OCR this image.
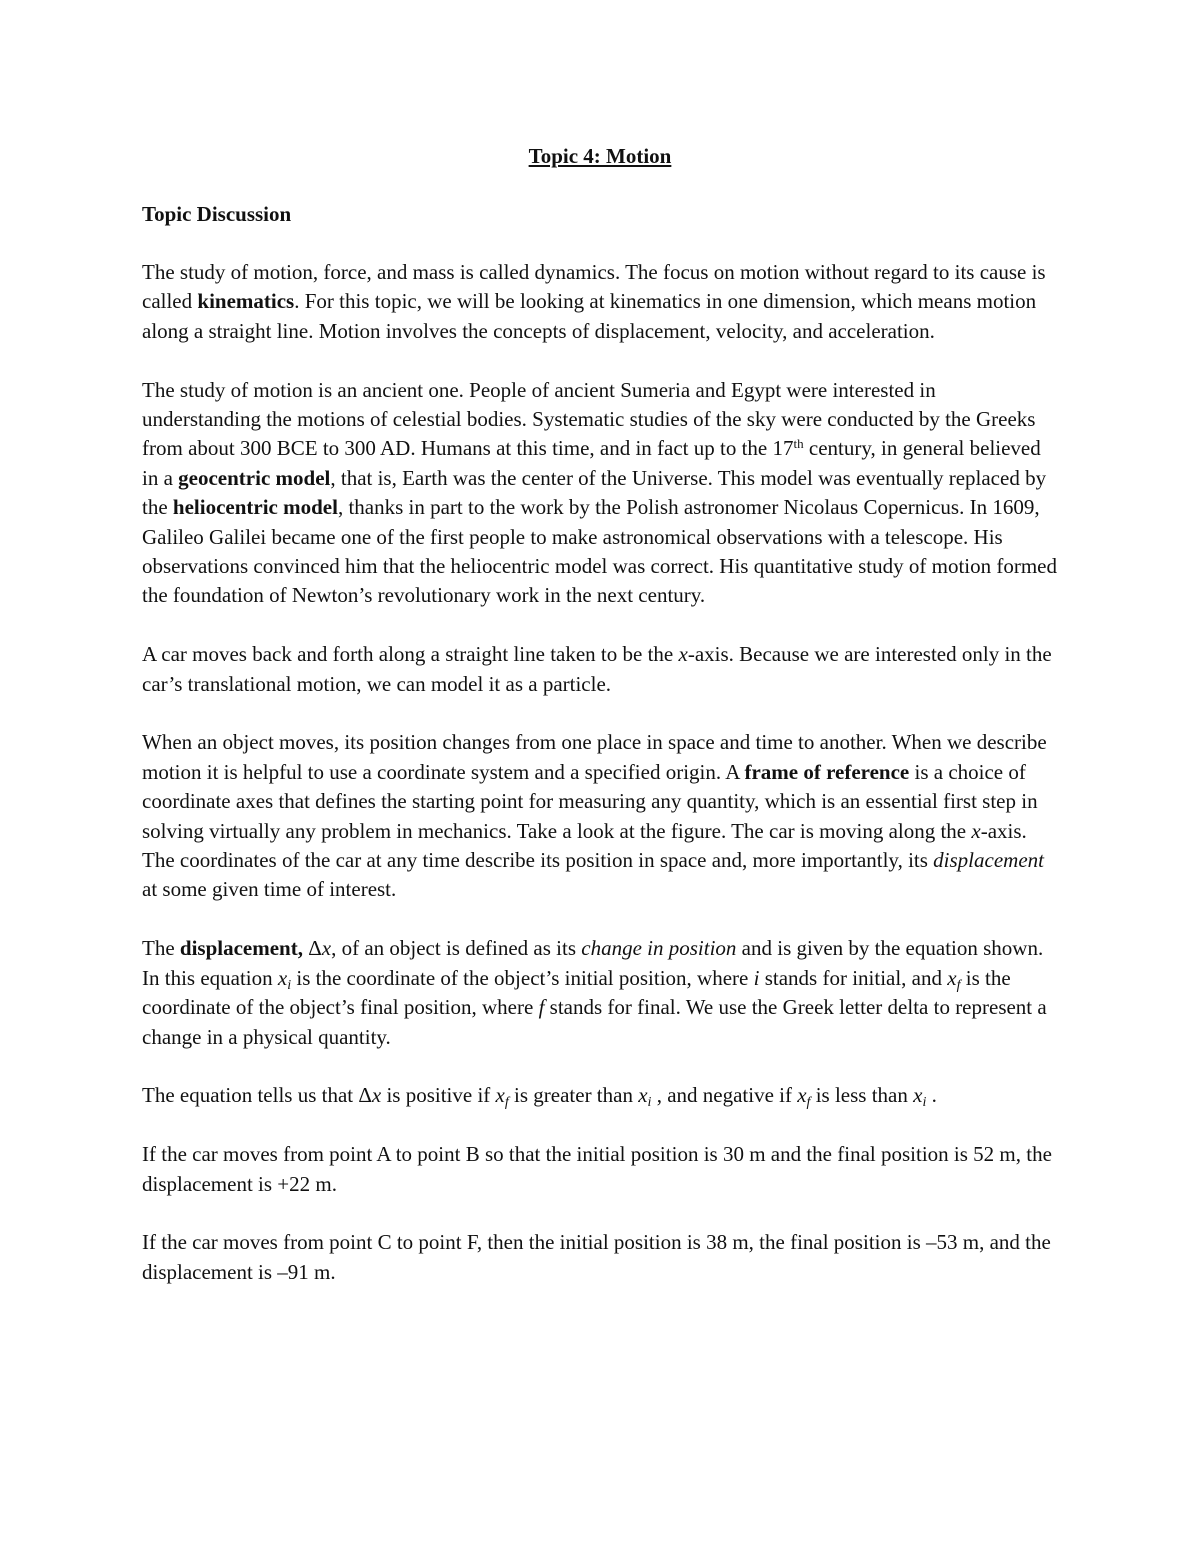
Topic 4: Motion
Topic Discussion

The study of motion, force, and mass is called dynamics. The focus on motion without regard to its cause is called kinematics. For this topic, we will be looking at kinematics in one dimension, which means motion along a straight line. Motion involves the concepts of displacement, velocity, and acceleration.

The study of motion is an ancient one. People of ancient Sumeria and Egypt were interested in understanding the motions of celestial bodies. Systematic studies of the sky were conducted by the Greeks from about 300 BCE to 300 AD. Humans at this time, and in fact up to the 17th century, in general believed in a geocentric model, that is, Earth was the center of the Universe. This model was eventually replaced by the heliocentric model, thanks in part to the work by the Polish astronomer Nicolaus Copernicus. In 1609, Galileo Galilei became one of the first people to make astronomical observations with a telescope. His observations convinced him that the heliocentric model was correct. His quantitative study of motion formed the foundation of Newton’s revolutionary work in the next century.

A car moves back and forth along a straight line taken to be the x-axis. Because we are interested only in the car’s translational motion, we can model it as a particle.

When an object moves, its position changes from one place in space and time to another. When we describe motion it is helpful to use a coordinate system and a specified origin. A frame of reference is a choice of coordinate axes that defines the starting point for measuring any quantity, which is an essential first step in solving virtually any problem in mechanics. Take a look at the figure. The car is moving along the x-axis. The coordinates of the car at any time describe its position in space and, more importantly, its displacement at some given time of interest.

The displacement, Δx, of an object is defined as its change in position and is given by the equation shown. In this equation $x_i$ is the coordinate of the object’s initial position, where i stands for initial, and $x_f$ is the coordinate of the object’s final position, where f stands for final. We use the Greek letter delta to represent a change in a physical quantity.

The equation tells us that Δx is positive if $x_f$ is greater than $x_i$ , and negative if $x_f$ is less than $x_i$ .

If the car moves from point A to point B so that the initial position is 30 m and the final position is 52 m, the displacement is +22 m.

If the car moves from point C to point F, then the initial position is 38 m, the final position is –53 m, and the displacement is –91 m.
